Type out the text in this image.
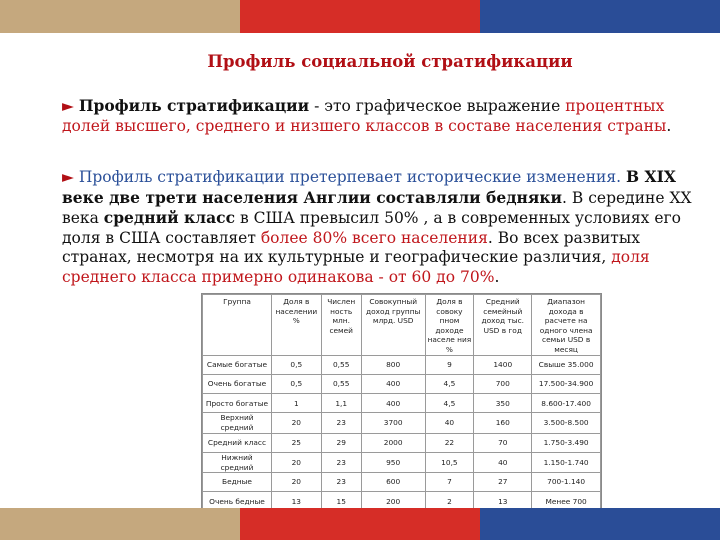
Профиль социальной стратификации
► Профиль стратификации - это графическое выражение процентных долей высшего, среднего и низшего классов в составе населения страны.
► Профиль стратификации претерпевает исторические изменения. В XIX веке две трети населения Англии составляли бедняки. В середине XX века средний класс в США превысил 50% , а в современных условиях его доля в США составляет более 80% всего населения. Во всех развитых странах, несмотря на их культурные и географические различия, доля среднего класса примерно одинакова - от 60 до 70%.
Группа	Доля в населении %	Числен ность млн. семей	Совокупный доход группы млрд. USD	Доля в совоку пном доходе населе ния %	Средний семейный доход тыс. USD в год	Диапазон дохода в расчете на одного члена семьи USD в месяц
Самые богатые	0,5	0,55	800	9	1400	Свыше 35.000
Очень богатые	0,5	0,55	400	4,5	700	17.500-34.900
Просто богатые	1	1,1	400	4,5	350	8.600-17.400
Верхний средний	20	23	3700	40	160	3.500-8.500
Средний класс	25	29	2000	22	70	1.750-3.490
Нижний средний	20	23	950	10,5	40	1.150-1.740
Бедные	20	23	600	7	27	700-1.140
Очень бедные	13	15	200	2	13	Менее 700
